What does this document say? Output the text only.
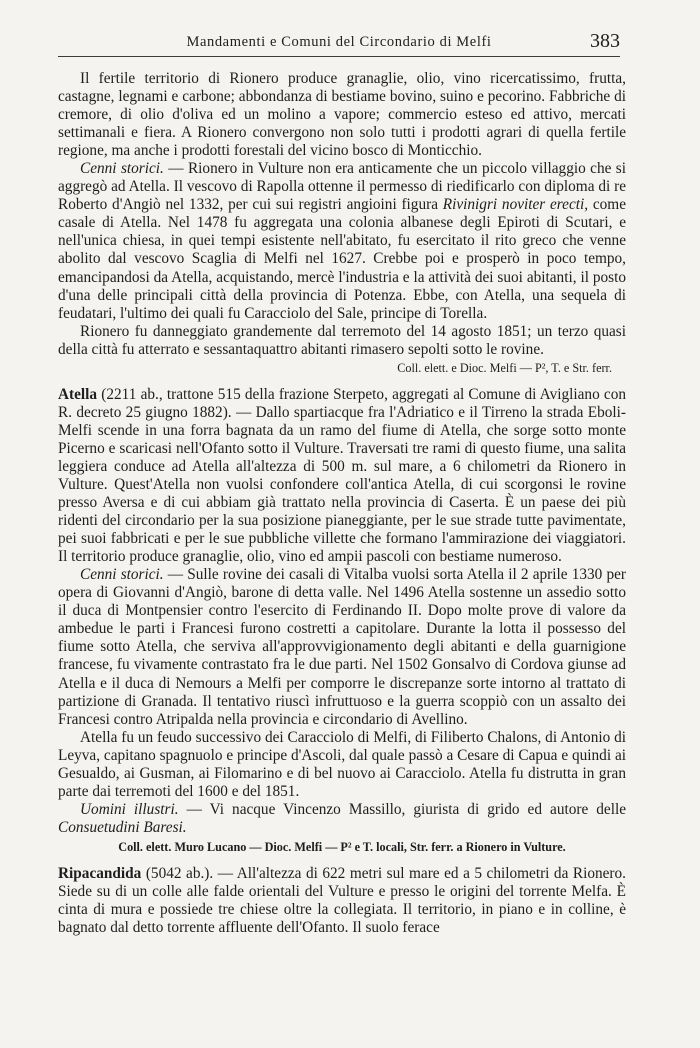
Mandamenti e Comuni del Circondario di Melfi	383

Il fertile territorio di Rionero produce granaglie, olio, vino ricercatissimo, frutta, castagne, legnami e carbone; abbondanza di bestiame bovino, suino e pecorino. Fabbriche di cremore, di olio d'oliva ed un molino a vapore; commercio esteso ed attivo, mercati settimanali e fiera. A Rionero convergono non solo tutti i prodotti agrari di quella fertile regione, ma anche i prodotti forestali del vicino bosco di Monticchio.

Cenni storici. — Rionero in Vulture non era anticamente che un piccolo villaggio che si aggregò ad Atella. Il vescovo di Rapolla ottenne il permesso di riedificarlo con diploma di re Roberto d'Angiò nel 1332, per cui sui registri angioini figura Rivinigri noviter erecti, come casale di Atella. Nel 1478 fu aggregata una colonia albanese degli Epiroti di Scutari, e nell'unica chiesa, in quei tempi esistente nell'abitato, fu esercitato il rito greco che venne abolito dal vescovo Scaglia di Melfi nel 1627. Crebbe poi e prosperò in poco tempo, emancipandosi da Atella, acquistando, mercè l'industria e la attività dei suoi abitanti, il posto d'una delle principali città della provincia di Potenza. Ebbe, con Atella, una sequela di feudatari, l'ultimo dei quali fu Caracciolo del Sale, principe di Torella.

Rionero fu danneggiato grandemente dal terremoto del 14 agosto 1851; un terzo quasi della città fu atterrato e sessantaquattro abitanti rimasero sepolti sotto le rovine.

Coll. elett. e Dioc. Melfi — P², T. e Str. ferr.

Atella (2211 ab., trattone 515 della frazione Sterpeto, aggregati al Comune di Avigliano con R. decreto 25 giugno 1882). — Dallo spartiacque fra l'Adriatico e il Tirreno la strada Eboli-Melfi scende in una forra bagnata da un ramo del fiume di Atella, che sorge sotto monte Picerno e scaricasi nell'Ofanto sotto il Vulture. Traversati tre rami di questo fiume, una salita leggiera conduce ad Atella all'altezza di 500 m. sul mare, a 6 chilometri da Rionero in Vulture. Quest'Atella non vuolsi confondere coll'antica Atella, di cui scorgonsi le rovine presso Aversa e di cui abbiam già trattato nella provincia di Caserta. È un paese dei più ridenti del circondario per la sua posizione pianeggiante, per le sue strade tutte pavimentate, pei suoi fabbricati e per le sue pubbliche villette che formano l'ammirazione dei viaggiatori. Il territorio produce granaglie, olio, vino ed ampii pascoli con bestiame numeroso.

Cenni storici. — Sulle rovine dei casali di Vitalba vuolsi sorta Atella il 2 aprile 1330 per opera di Giovanni d'Angiò, barone di detta valle. Nel 1496 Atella sostenne un assedio sotto il duca di Montpensier contro l'esercito di Ferdinando II. Dopo molte prove di valore da ambedue le parti i Francesi furono costretti a capitolare. Durante la lotta il possesso del fiume sotto Atella, che serviva all'approvvigionamento degli abitanti e della guarnigione francese, fu vivamente contrastato fra le due parti. Nel 1502 Gonsalvo di Cordova giunse ad Atella e il duca di Nemours a Melfi per comporre le discrepanze sorte intorno al trattato di partizione di Granada. Il tentativo riuscì infruttuoso e la guerra scoppiò con un assalto dei Francesi contro Atripalda nella provincia e circondario di Avellino.

Atella fu un feudo successivo dei Caracciolo di Melfi, di Filiberto Chalons, di Antonio di Leyva, capitano spagnuolo e principe d'Ascoli, dal quale passò a Cesare di Capua e quindi ai Gesualdo, ai Gusman, ai Filomarino e di bel nuovo ai Caracciolo. Atella fu distrutta in gran parte dai terremoti del 1600 e del 1851.

Uomini illustri. — Vi nacque Vincenzo Massillo, giurista di grido ed autore delle Consuetudini Baresi.

Coll. elett. Muro Lucano — Dioc. Melfi — P² e T. locali, Str. ferr. a Rionero in Vulture.

Ripacandida (5042 ab.). — All'altezza di 622 metri sul mare ed a 5 chilometri da Rionero. Siede su di un colle alle falde orientali del Vulture e presso le origini del torrente Melfa. È cinta di mura e possiede tre chiese oltre la collegiata. Il territorio, in piano e in colline, è bagnato dal detto torrente affluente dell'Ofanto. Il suolo ferace
